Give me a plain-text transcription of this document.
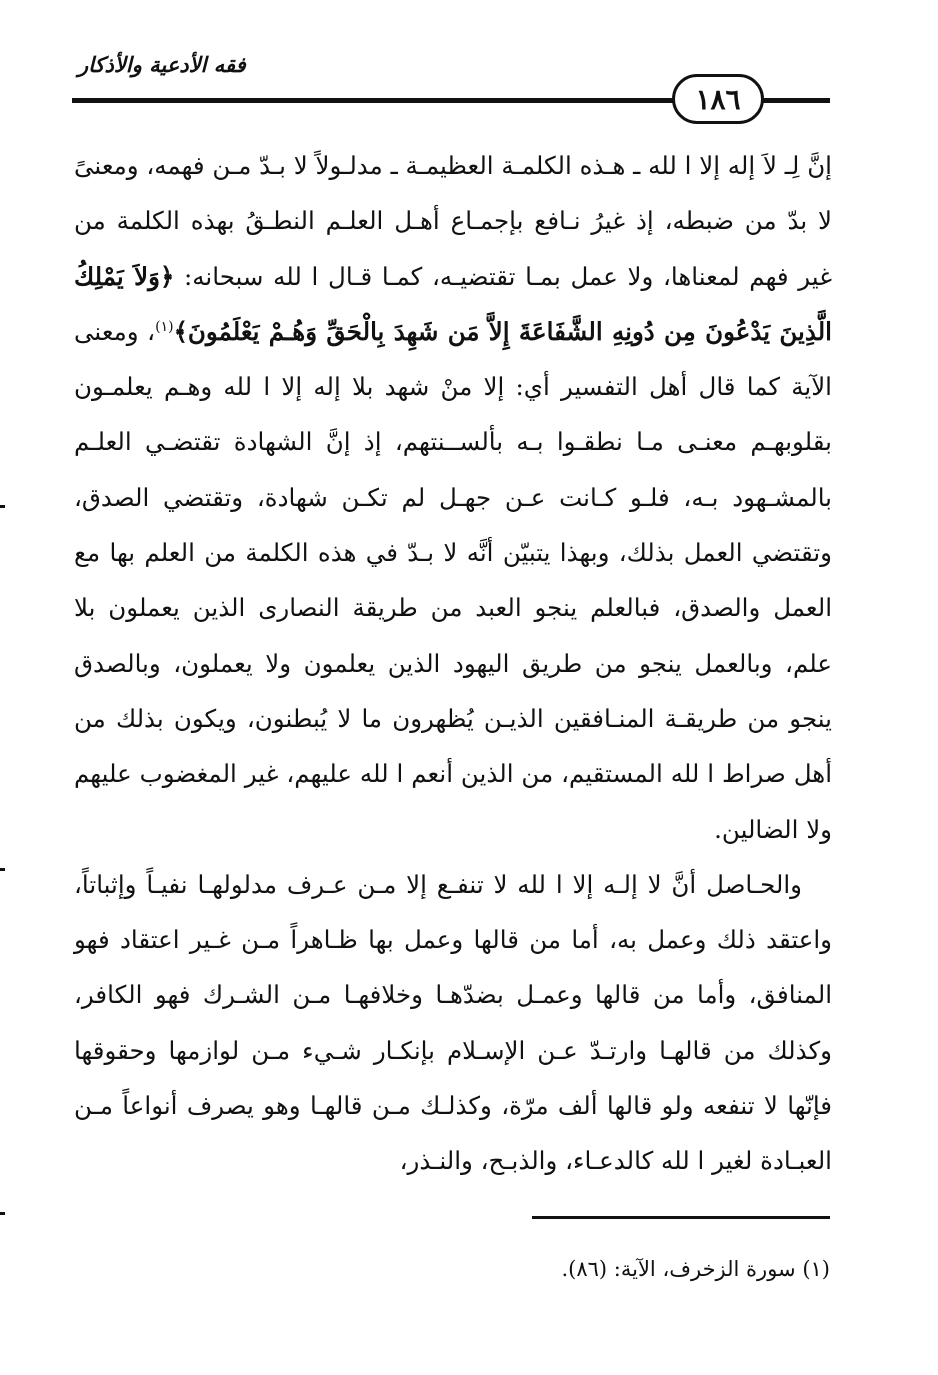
فقه الأدعية والأذكار
١٨٦

إنَّ لِـ لاَ إله إلا ا لله ـ هـذه الكلمـة العظيمـة ـ مدلـولاً لا بـدّ مـن فهمه، ومعنىً لا بدّ من ضبطه، إذ غيرُ نـافع بإجمـاع أهـل العلـم النطـقُ بهذه الكلمة من غير فهم لمعناها، ولا عمل بمـا تقتضيـه، كمـا قـال ا لله سبحانه: ﴿وَلاَ يَمْلِكُ الَّذِينَ يَدْعُونَ مِن دُونِهِ الشَّفَاعَةَ إِلاَّ مَن شَهِدَ بِالْحَقِّ وَهُـمْ يَعْلَمُونَ﴾$^{(١)}$، ومعنى الآية كما قال أهل التفسير أي: إلا منْ شهد بلا إله إلا ا لله وهـم يعلمـون بقلوبهـم معنـى مـا نطقـوا بـه بألســنتهم، إذ إنَّ الشهادة تقتضـي العلـم بالمشـهود بـه، فلـو كـانت عـن جهـل لم تكـن شهادة، وتقتضي الصدق، وتقتضي العمل بذلك، وبهذا يتبيّن أنَّه لا بـدّ في هذه الكلمة من العلم بها مع العمل والصدق، فبالعلم ينجو العبد من طريقة النصارى الذين يعملون بلا علم، وبالعمل ينجو من طريق اليهود الذين يعلمون ولا يعملون، وبالصدق ينجو من طريقـة المنـافقين الذيـن يُظهرون ما لا يُبطنون، ويكون بذلك من أهل صراط ا لله المستقيم، من الذين أنعم ا لله عليهم، غير المغضوب عليهم ولا الضالين.

والحـاصل أنَّ لا إلـه إلا ا لله لا تنفـع إلا مـن عـرف مدلولهـا نفيـاً وإثباتاً، واعتقد ذلك وعمل به، أما من قالها وعمل بها ظـاهراً مـن غـير اعتقاد فهو المنافق، وأما من قالها وعمـل بضدّهـا وخلافهـا مـن الشـرك فهو الكافر، وكذلك من قالهـا وارتـدّ عـن الإسـلام بإنكـار شـيء مـن لوازمها وحقوقها فإنّها لا تنفعه ولو قالها ألف مرّة، وكذلـك مـن قالهـا وهو يصرف أنواعاً مـن العبـادة لغير ا لله كالدعـاء، والذبـح، والنـذر،

(١) سورة الزخرف، الآية: (٨٦).
